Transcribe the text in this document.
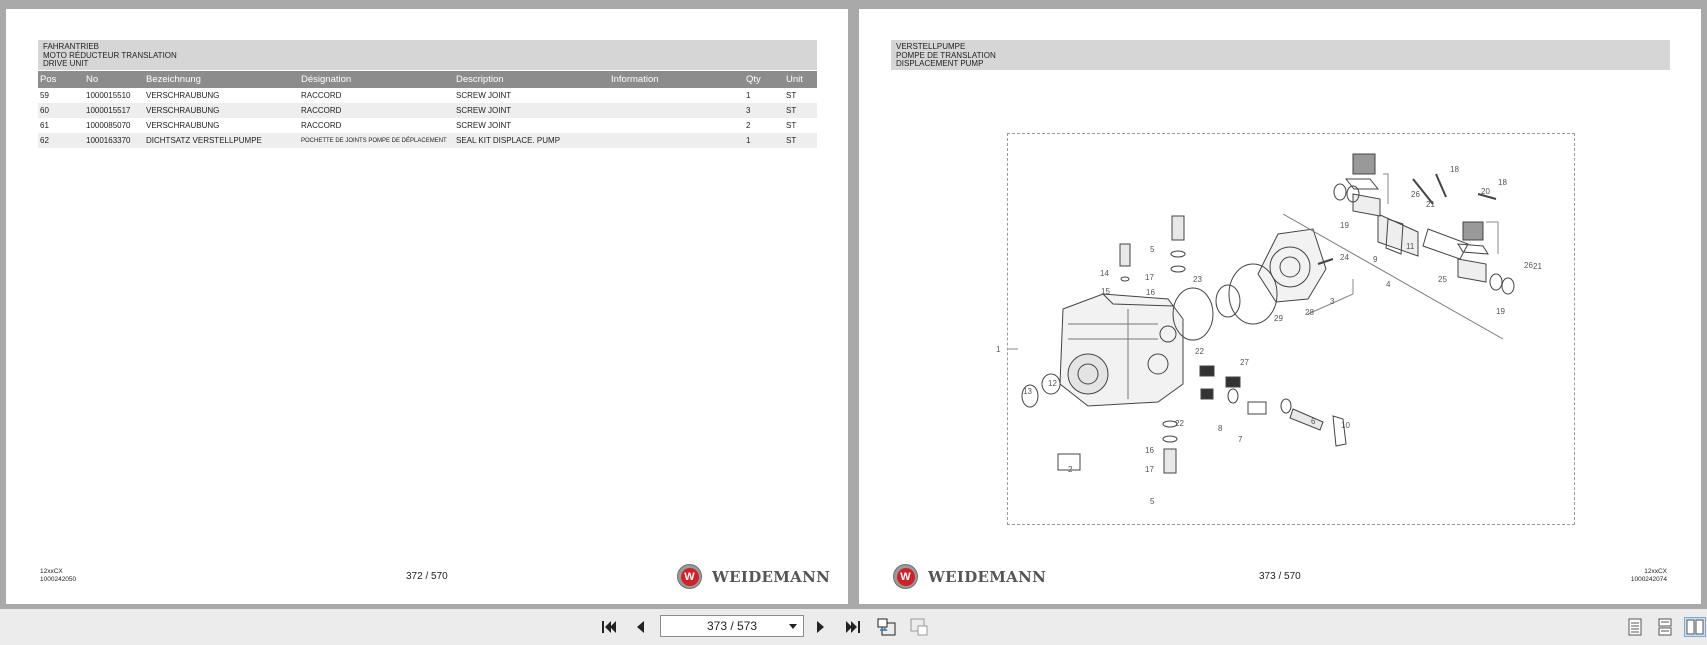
FAHRANTRIEB
MOTO RÉDUCTEUR TRANSLATION
DRIVE UNIT
Pos	No	Bezeichnung	Désignation	Description	Information	Qty	Unit
59	1000015510	VERSCHRAUBUNG	RACCORD	SCREW JOINT		1	ST
60	1000015517	VERSCHRAUBUNG	RACCORD	SCREW JOINT		3	ST
61	1000085070	VERSCHRAUBUNG	RACCORD	SCREW JOINT		2	ST
62	1000163370	DICHTSATZ VERSTELLPUMPE	POCHETTE DE JOINTS POMPE DE DÉPLACEMENT	SEAL KIT DISPLACE. PUMP		1	ST
12xxCX
1000242050	372 / 570	W WEIDEMANN
VERSTELLPUMPE
POMPE DE TRANSLATION
DISPLACEMENT PUMP
1
2
3
4
5
5
6
7
8
9
10
11
12
13
14
15	16
16
17
17
18
18
19
19
20
21
21
22
22
23
24
25
26
26
27
28
29
W WEIDEMANN	373 / 570	12xxCX
1000242074
373 / 573
